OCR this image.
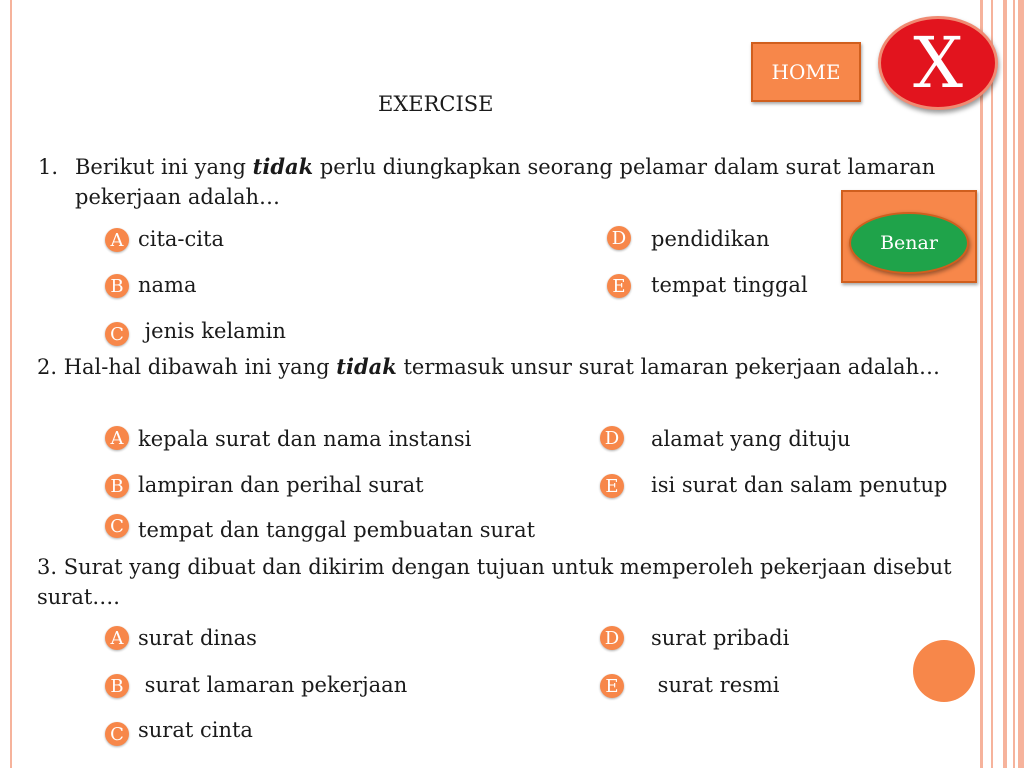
EXERCISE
HOME	X
Benar
1. Berikut ini yang tidak perlu diungkapkan seorang pelamar dalam surat lamaran pekerjaan adalah…
2. Hal-hal dibawah ini yang tidak termasuk unsur surat lamaran pekerjaan adalah…
3. Surat yang dibuat dan dikirim dengan tujuan untuk memperoleh pekerjaan disebut surat….
A cita-cita
B nama
C jenis kelamin
D pendidikan
E tempat tinggal
A kepala surat dan nama instansi
B lampiran dan perihal surat
C tempat dan tanggal pembuatan surat
D alamat yang dituju
E isi surat dan salam penutup
A surat dinas
B surat lamaran pekerjaan
C surat cinta
D surat pribadi
E surat resmi
